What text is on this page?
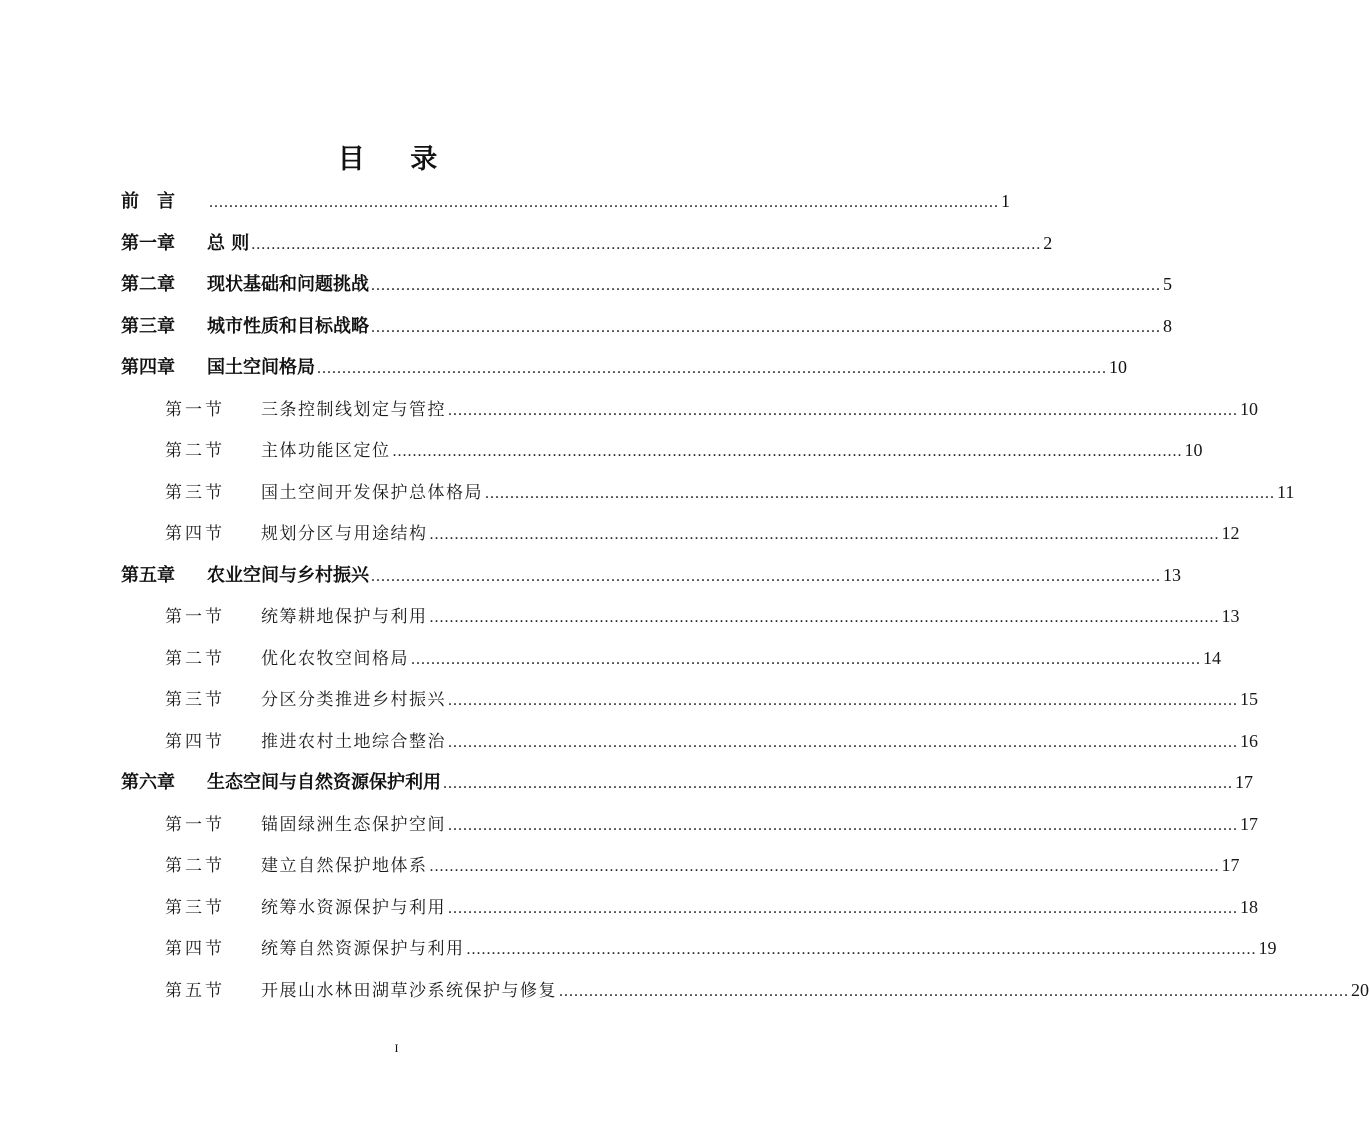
目 录
前　言	.............................................................................................................................................................. 1
第一章	总 则 .............................................................................................................................................................. 2
第二章	现状基础和问题挑战 .............................................................................................................................................................. 5
第三章	城市性质和目标战略 .............................................................................................................................................................. 8
第四章	国土空间格局 .............................................................................................................................................................. 10
第一节	三条控制线划定与管控 .............................................................................................................................................................. 10
第二节	主体功能区定位 .............................................................................................................................................................. 10
第三节	国土空间开发保护总体格局 .............................................................................................................................................................. 11
第四节	规划分区与用途结构 .............................................................................................................................................................. 12
第五章	农业空间与乡村振兴 .............................................................................................................................................................. 13
第一节	统筹耕地保护与利用 .............................................................................................................................................................. 13
第二节	优化农牧空间格局 .............................................................................................................................................................. 14
第三节	分区分类推进乡村振兴 .............................................................................................................................................................. 15
第四节	推进农村土地综合整治 .............................................................................................................................................................. 16
第六章	生态空间与自然资源保护利用 .............................................................................................................................................................. 17
第一节	锚固绿洲生态保护空间 .............................................................................................................................................................. 17
第二节	建立自然保护地体系 .............................................................................................................................................................. 17
第三节	统筹水资源保护与利用 .............................................................................................................................................................. 18
第四节	统筹自然资源保护与利用 .............................................................................................................................................................. 19
第五节	开展山水林田湖草沙系统保护与修复 .............................................................................................................................................................. 20
I
